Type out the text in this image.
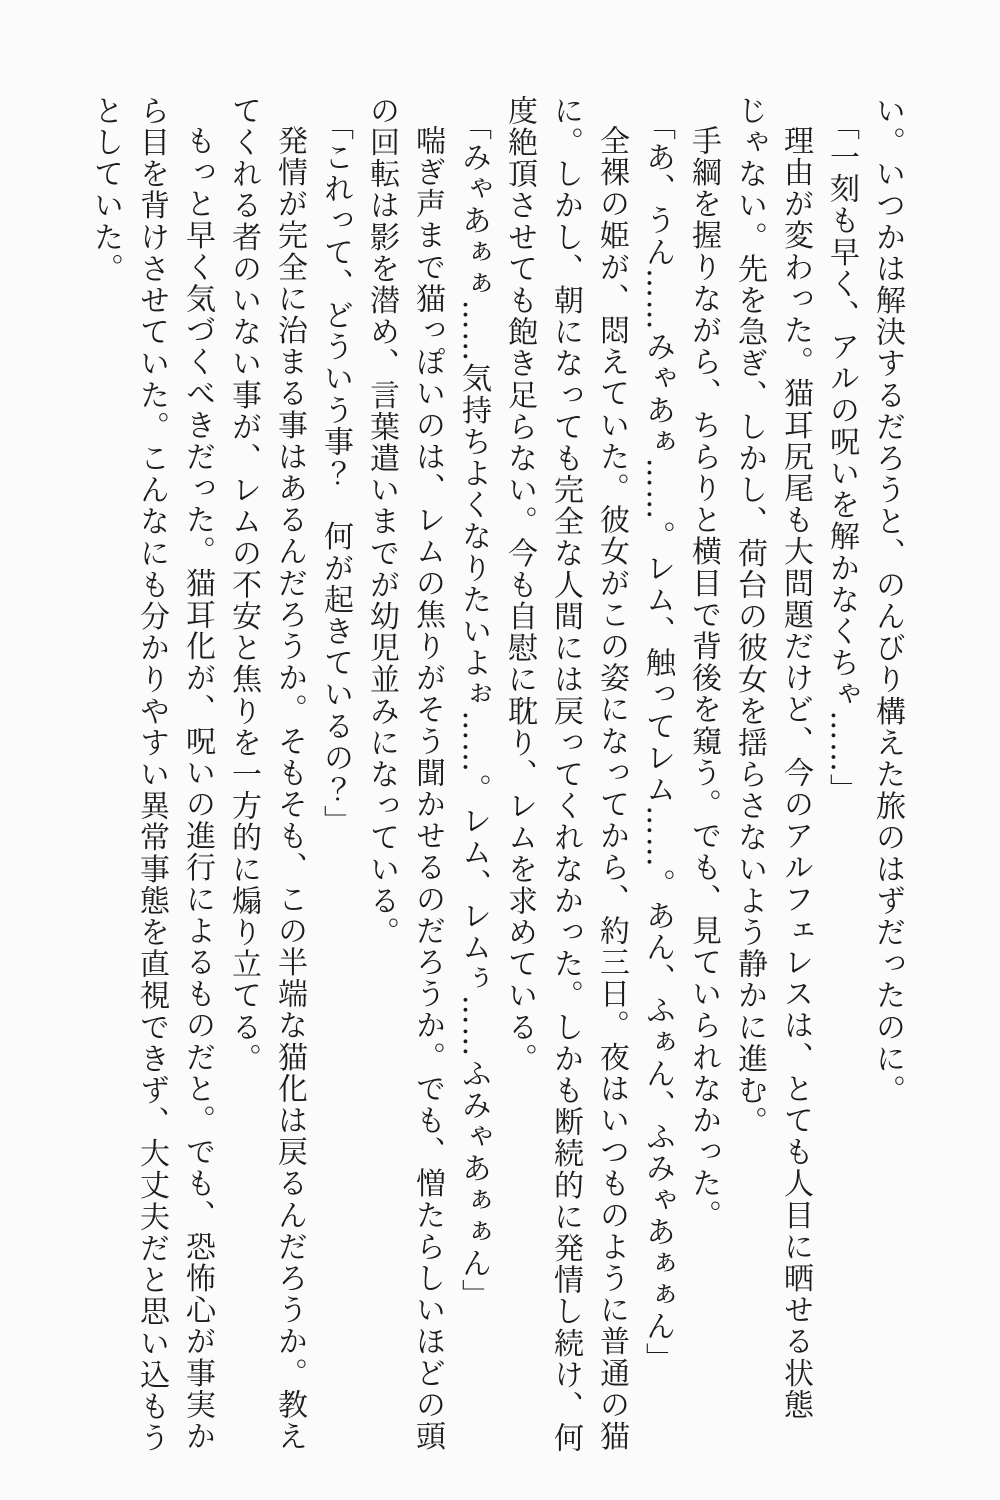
い。いつかは解決するだろうと、のんびり構えた旅のはずだったのに。

「一刻も早く、アルの呪いを解かなくちゃ……」

理由が変わった。猫耳尻尾も大問題だけど、今のアルフェレスは、とても人目に晒せる状態じゃない。先を急ぎ、しかし、荷台の彼女を揺らさないよう静かに進む。

手綱を握りながら、ちらりと横目で背後を窺う。でも、見ていられなかった。

「あ、うん……みゃあぁ……。レム、触ってレム……。あん、ふぁん、ふみゃあぁぁん」

全裸の姫が、悶えていた。彼女がこの姿になってから、約三日。夜はいつものように普通の猫に。しかし、朝になっても完全な人間には戻ってくれなかった。しかも断続的に発情し続け、何度絶頂させても飽き足らない。今も自慰に耽り、レムを求めている。

「みゃあぁぁ……気持ちよくなりたいよぉ……。レム、レムぅ……ふみゃあぁぁん」

喘ぎ声まで猫っぽいのは、レムの焦りがそう聞かせるのだろうか。でも、憎たらしいほどの頭の回転は影を潜め、言葉遣いまでが幼児並みになっている。

「これって、どういう事？　何が起きているの？」

発情が完全に治まる事はあるんだろうか。そもそも、この半端な猫化は戻るんだろうか。教えてくれる者のいない事が、レムの不安と焦りを一方的に煽り立てる。

もっと早く気づくべきだった。猫耳化が、呪いの進行によるものだと。でも、恐怖心が事実から目を背けさせていた。こんなにも分かりやすい異常事態を直視できず、大丈夫だと思い込もうとしていた。
